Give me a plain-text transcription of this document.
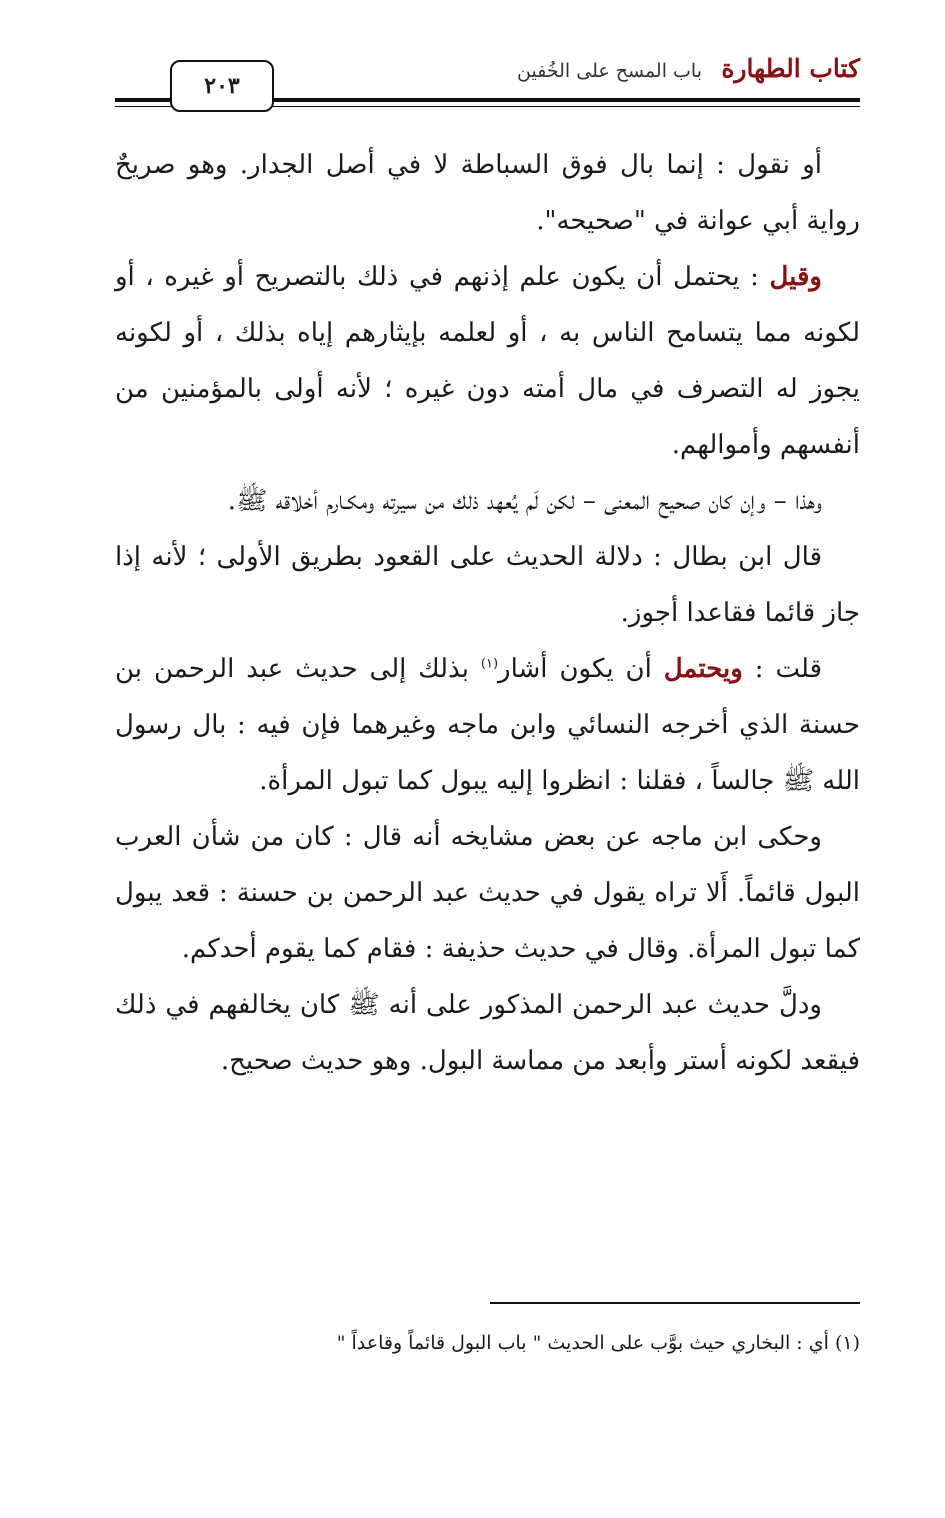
كتاب الطهارة باب المسح على الخُفين
٢٠٣

أو نقول : إنما بال فوق السباطة لا في أصل الجدار. وهو صريحٌ رواية أبي عوانة في "صحيحه".

وقيل : يحتمل أن يكون علم إذنهم في ذلك بالتصريح أو غيره ، أو لكونه مما يتسامح الناس به ، أو لعلمه بإيثارهم إياه بذلك ، أو لكونه يجوز له التصرف في مال أمته دون غيره ؛ لأنه أولى بالمؤمنين من أنفسهم وأموالهم.

وهذا – وإن كان صحيح المعنى – لكن لَم يُعهد ذلك من سيرته ومكـارم أخلاقه ﷺ.

قال ابن بطال : دلالة الحديث على القعود بطريق الأولى ؛ لأنه إذا جاز قائما فقاعدا أجوز.

قلت : ويحتمل أن يكون أشار$^{(١)}$ بذلك إلى حديث عبد الرحمن بن حسنة الذي أخرجه النسائي وابن ماجه وغيرهما فإن فيه : بال رسول الله ﷺ جالساً ، فقلنا : انظروا إليه يبول كما تبول المرأة.

وحكى ابن ماجه عن بعض مشايخه أنه قال : كان من شأن العرب البول قائماً. أَلا تراه يقول في حديث عبد الرحمن بن حسنة : قعد يبول كما تبول المرأة. وقال في حديث حذيفة : فقام كما يقوم أحدكم.

ودلَّ حديث عبد الرحمن المذكور على أنه ﷺ كان يخالفهم في ذلك فيقعد لكونه أستر وأبعد من مماسة البول. وهو حديث صحيح.

(١) أي : البخاري حيث بوَّب على الحديث " باب البول قائماً وقاعداً "
